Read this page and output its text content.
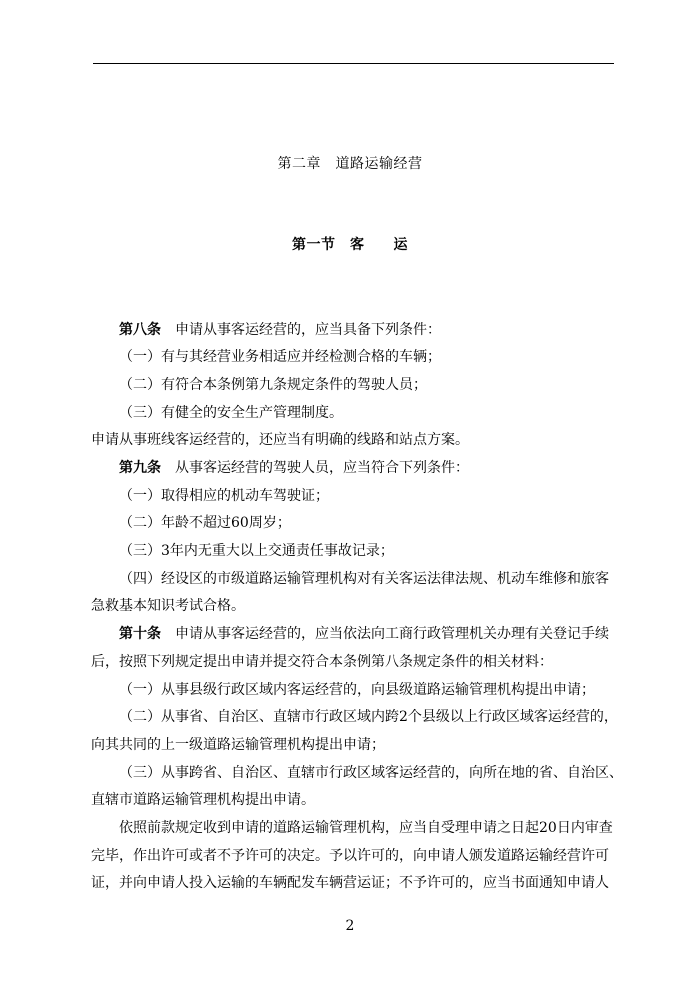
第二章　道路运输经营
第一节　客　　运
第八条　申请从事客运经营的，应当具备下列条件：
（一）有与其经营业务相适应并经检测合格的车辆；
（二）有符合本条例第九条规定条件的驾驶人员；
（三）有健全的安全生产管理制度。
申请从事班线客运经营的，还应当有明确的线路和站点方案。
第九条　从事客运经营的驾驶人员，应当符合下列条件：
（一）取得相应的机动车驾驶证；
（二）年龄不超过60周岁；
（三）3年内无重大以上交通责任事故记录；
（四）经设区的市级道路运输管理机构对有关客运法律法规、机动车维修和旅客
急救基本知识考试合格。
第十条　申请从事客运经营的，应当依法向工商行政管理机关办理有关登记手续
后，按照下列规定提出申请并提交符合本条例第八条规定条件的相关材料：
（一）从事县级行政区域内客运经营的，向县级道路运输管理机构提出申请；
（二）从事省、自治区、直辖市行政区域内跨2个县级以上行政区域客运经营的，
向其共同的上一级道路运输管理机构提出申请；
（三）从事跨省、自治区、直辖市行政区域客运经营的，向所在地的省、自治区、
直辖市道路运输管理机构提出申请。
依照前款规定收到申请的道路运输管理机构，应当自受理申请之日起20日内审查
完毕，作出许可或者不予许可的决定。予以许可的，向申请人颁发道路运输经营许可
证，并向申请人投入运输的车辆配发车辆营运证；不予许可的，应当书面通知申请人
2
